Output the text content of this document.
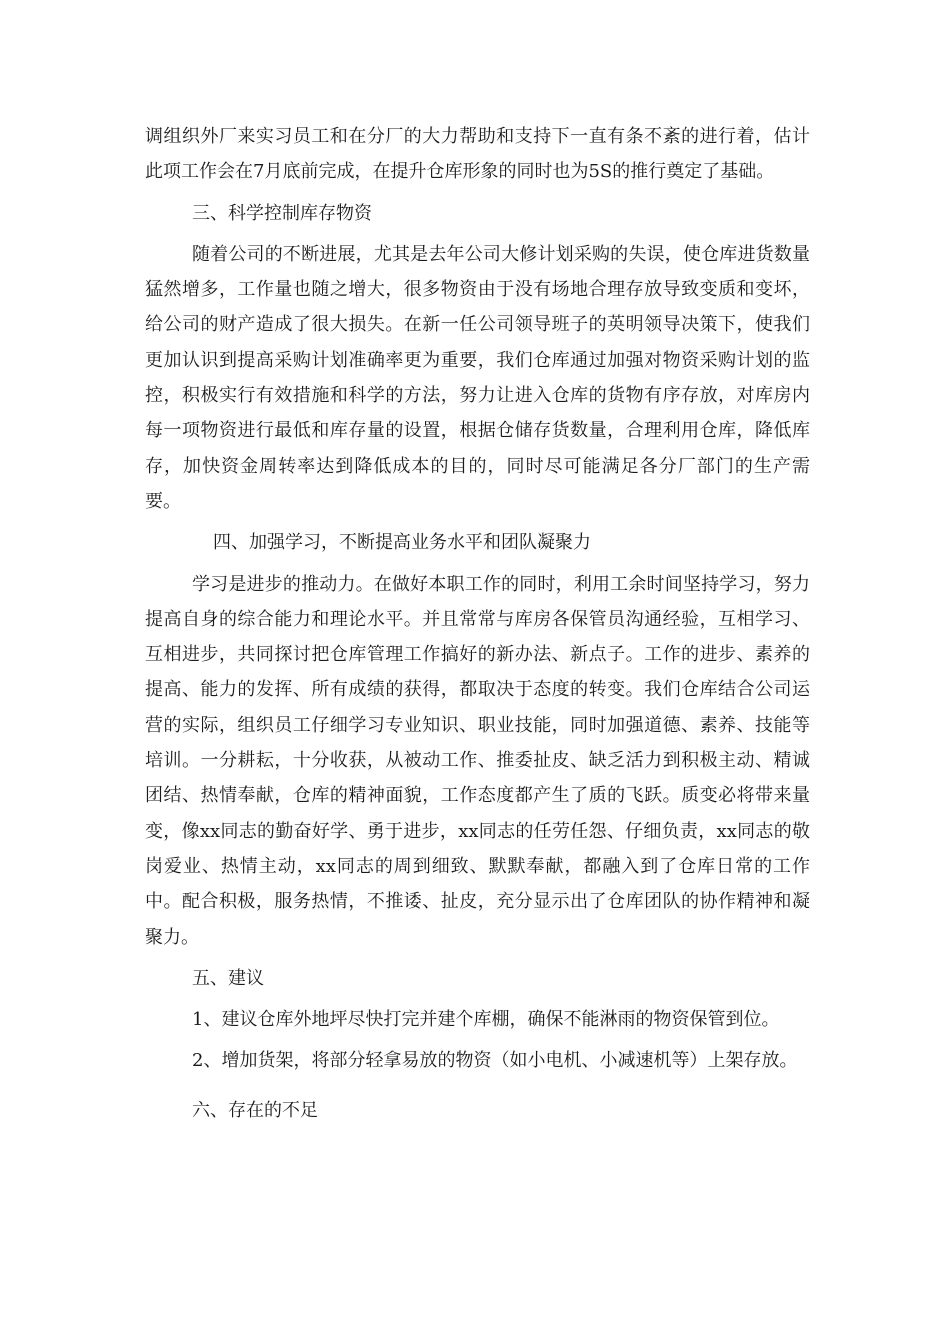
调组织外厂来实习员工和在分厂的大力帮助和支持下一直有条不紊的进行着，估计此项工作会在7月底前完成，在提升仓库形象的同时也为5S的推行奠定了基础。

三、科学控制库存物资

随着公司的不断进展，尤其是去年公司大修计划采购的失误，使仓库进货数量猛然增多，工作量也随之增大，很多物资由于没有场地合理存放导致变质和变坏，给公司的财产造成了很大损失。在新一任公司领导班子的英明领导决策下，使我们更加认识到提高采购计划准确率更为重要，我们仓库通过加强对物资采购计划的监控，积极实行有效措施和科学的方法，努力让进入仓库的货物有序存放，对库房内每一项物资进行最低和库存量的设置，根据仓储存货数量，合理利用仓库，降低库存，加快资金周转率达到降低成本的目的，同时尽可能满足各分厂部门的生产需要。

四、加强学习，不断提高业务水平和团队凝聚力

学习是进步的推动力。在做好本职工作的同时，利用工余时间坚持学习，努力提高自身的综合能力和理论水平。并且常常与库房各保管员沟通经验，互相学习、互相进步，共同探讨把仓库管理工作搞好的新办法、新点子。工作的进步、素养的提高、能力的发挥、所有成绩的获得，都取决于态度的转变。我们仓库结合公司运营的实际，组织员工仔细学习专业知识、职业技能，同时加强道德、素养、技能等培训。一分耕耘，十分收获，从被动工作、推委扯皮、缺乏活力到积极主动、精诚团结、热情奉献，仓库的精神面貌，工作态度都产生了质的飞跃。质变必将带来量变，像xx同志的勤奋好学、勇于进步，xx同志的任劳任怨、仔细负责，xx同志的敬岗爱业、热情主动，xx同志的周到细致、默默奉献，都融入到了仓库日常的工作中。配合积极，服务热情，不推诿、扯皮，充分显示出了仓库团队的协作精神和凝聚力。

五、建议

1、建议仓库外地坪尽快打完并建个库棚，确保不能淋雨的物资保管到位。

2、增加货架，将部分轻拿易放的物资（如小电机、小减速机等）上架存放。

六、存在的不足
